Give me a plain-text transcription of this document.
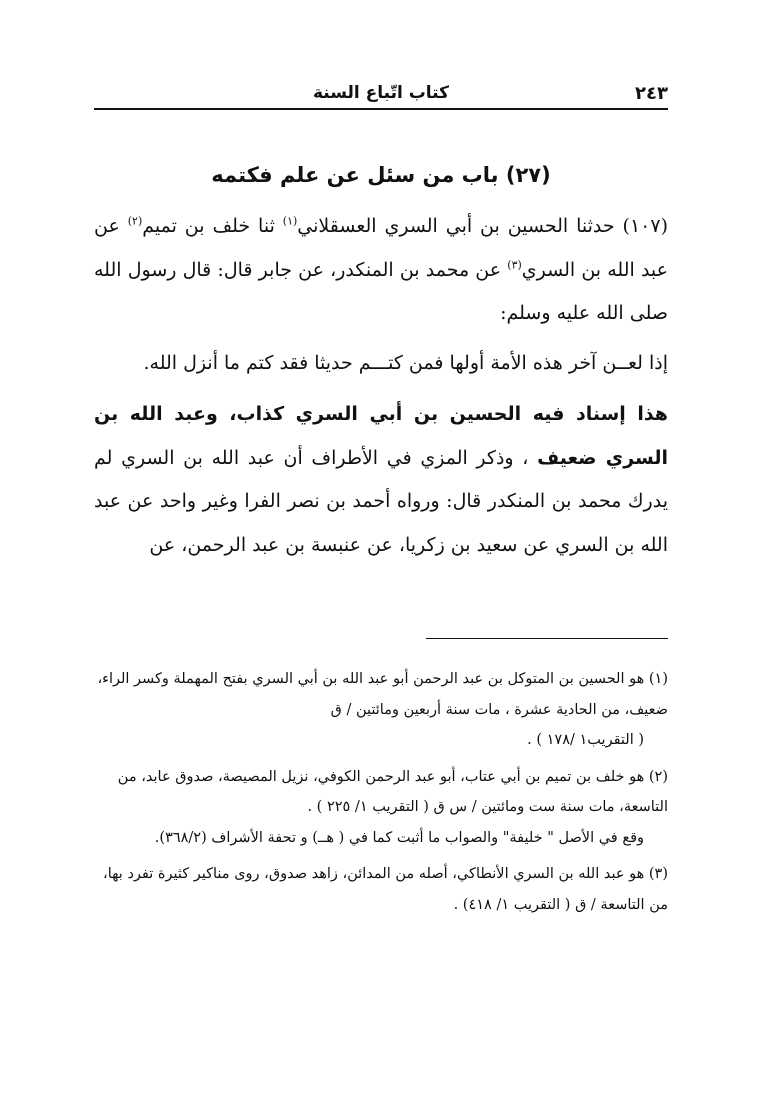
٢٤٣
كتاب اتّباع السنة
(٢٧) باب من سئل عن علم فكتمه

(١٠٧) حدثنا الحسين بن أبي السري العسقلاني$^{(١)}$ ثنا خلف بن تميم$^{(٢)}$ عن عبد الله بن السري$^{(٣)}$ عن محمد بن المنكدر، عن جابر قال: قال رسول الله صلى الله عليه وسلم:

إذا لعــن آخر هذه الأمة أولها فمن كتـــم حديثا فقد كتم ما أنزل الله.

هذا إسناد فيه الحسين بن أبي السري كذاب، وعبد الله بن السري ضعيف ، وذكر المزي في الأطراف أن عبد الله بن السري لم يدرك محمد بن المنكدر قال: ورواه أحمد بن نصر الفرا وغير واحد عن عبد الله بن السري عن سعيد بن زكريا، عن عنبسة بن عبد الرحمن، عن

(١) هو الحسين بن المتوكل بن عبد الرحمن أبو عبد الله بن أبي السري بفتح المهملة وكسر الراء، ضعيف، من الحادية عشرة ، مات سنة أربعين ومائتين / ق
( التقريب١ /١٧٨ ) .
(٢) هو خلف بن تميم بن أبي عتاب، أبو عبد الرحمن الكوفي، نزيل المصيصة، صدوق عابد، من التاسعة، مات سنة ست ومائتين / س ق ( التقريب ١/ ٢٢٥ ) .
وقع في الأصل " خليفة" والصواب ما أثبت كما في ( هــ) و تحفة الأشراف (٣٦٨/٢).
(٣) هو عبد الله بن السري الأنطاكي، أصله من المدائن، زاهد صدوق، روى مناكير كثيرة تفرد بها، من التاسعة / ق ( التقريب ١/ ٤١٨) .
